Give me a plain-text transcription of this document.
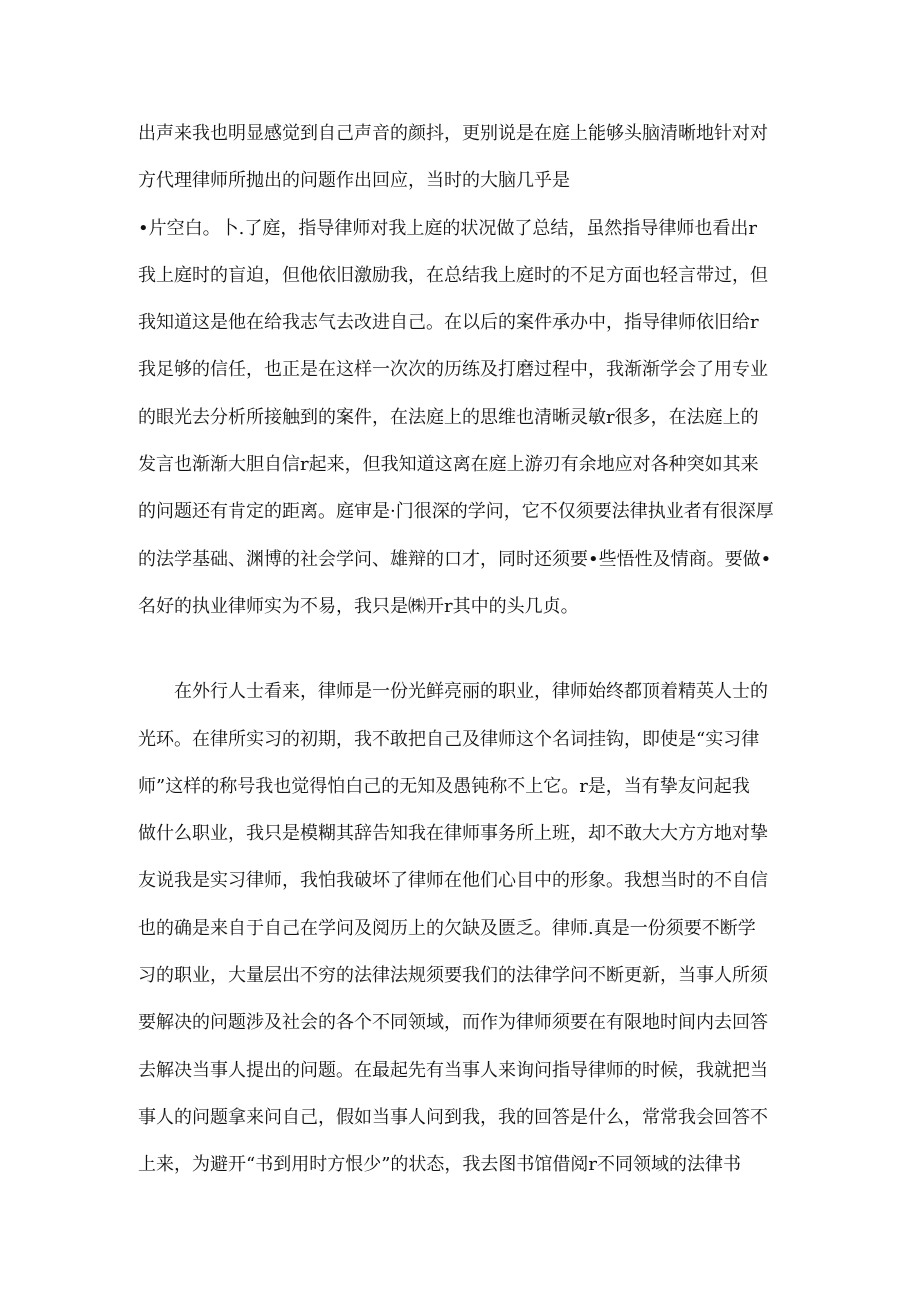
出声来我也明显感觉到自己声音的颜抖，更别说是在庭上能够头脑清晰地针对对
方代理律师所抛出的问题作出回应，当时的大脑几乎是
•片空白。卜.了庭，指导律师对我上庭的状况做了总结，虽然指导律师也看出r
我上庭时的盲迫，但他依旧激励我，在总结我上庭时的不足方面也轻言带过，但
我知道这是他在给我志气去改进自己。在以后的案件承办中，指导律师依旧给r
我足够的信任，也正是在这样一次次的历练及打磨过程中，我渐渐学会了用专业
的眼光去分析所接触到的案件，在法庭上的思维也清晰灵敏r很多，在法庭上的
发言也渐渐大胆自信r起来，但我知道这离在庭上游刃有余地应对各种突如其来
的问题还有肯定的距离。庭审是·门很深的学问，它不仅须要法律执业者有很深厚
的法学基础、渊博的社会学问、雄辩的口才，同时还须要•些悟性及情商。要做•
名好的执业律师实为不易，我只是㈱开r其中的头几贞。
在外行人士看来，律师是一份光鲜亮丽的职业，律师始终都顶着精英人士的
光环。在律所实习的初期，我不敢把自己及律师这个名词挂钩，即使是“实习律
师”这样的称号我也觉得怕白己的无知及愚钝称不上它。r是，当有挚友问起我
做什么职业，我只是模糊其辞告知我在律师事务所上班，却不敢大大方方地对挚
友说我是实习律师，我怕我破坏了律师在他们心目中的形象。我想当时的不自信
也的确是来自于自己在学问及阅历上的欠缺及匮乏。律师.真是一份须要不断学
习的职业，大量层出不穷的法律法规须要我们的法律学问不断更新，当事人所须
要解决的问题涉及社会的各个不同领域，而作为律师须要在有限地时间内去回答
去解决当事人提出的问题。在最起先有当事人来询问指导律师的时候，我就把当
事人的问题拿来问自己，假如当事人问到我，我的回答是什么，常常我会回答不
上来，为避开“书到用时方恨少”的状态，我去图书馆借阅r不同领域的法律书
